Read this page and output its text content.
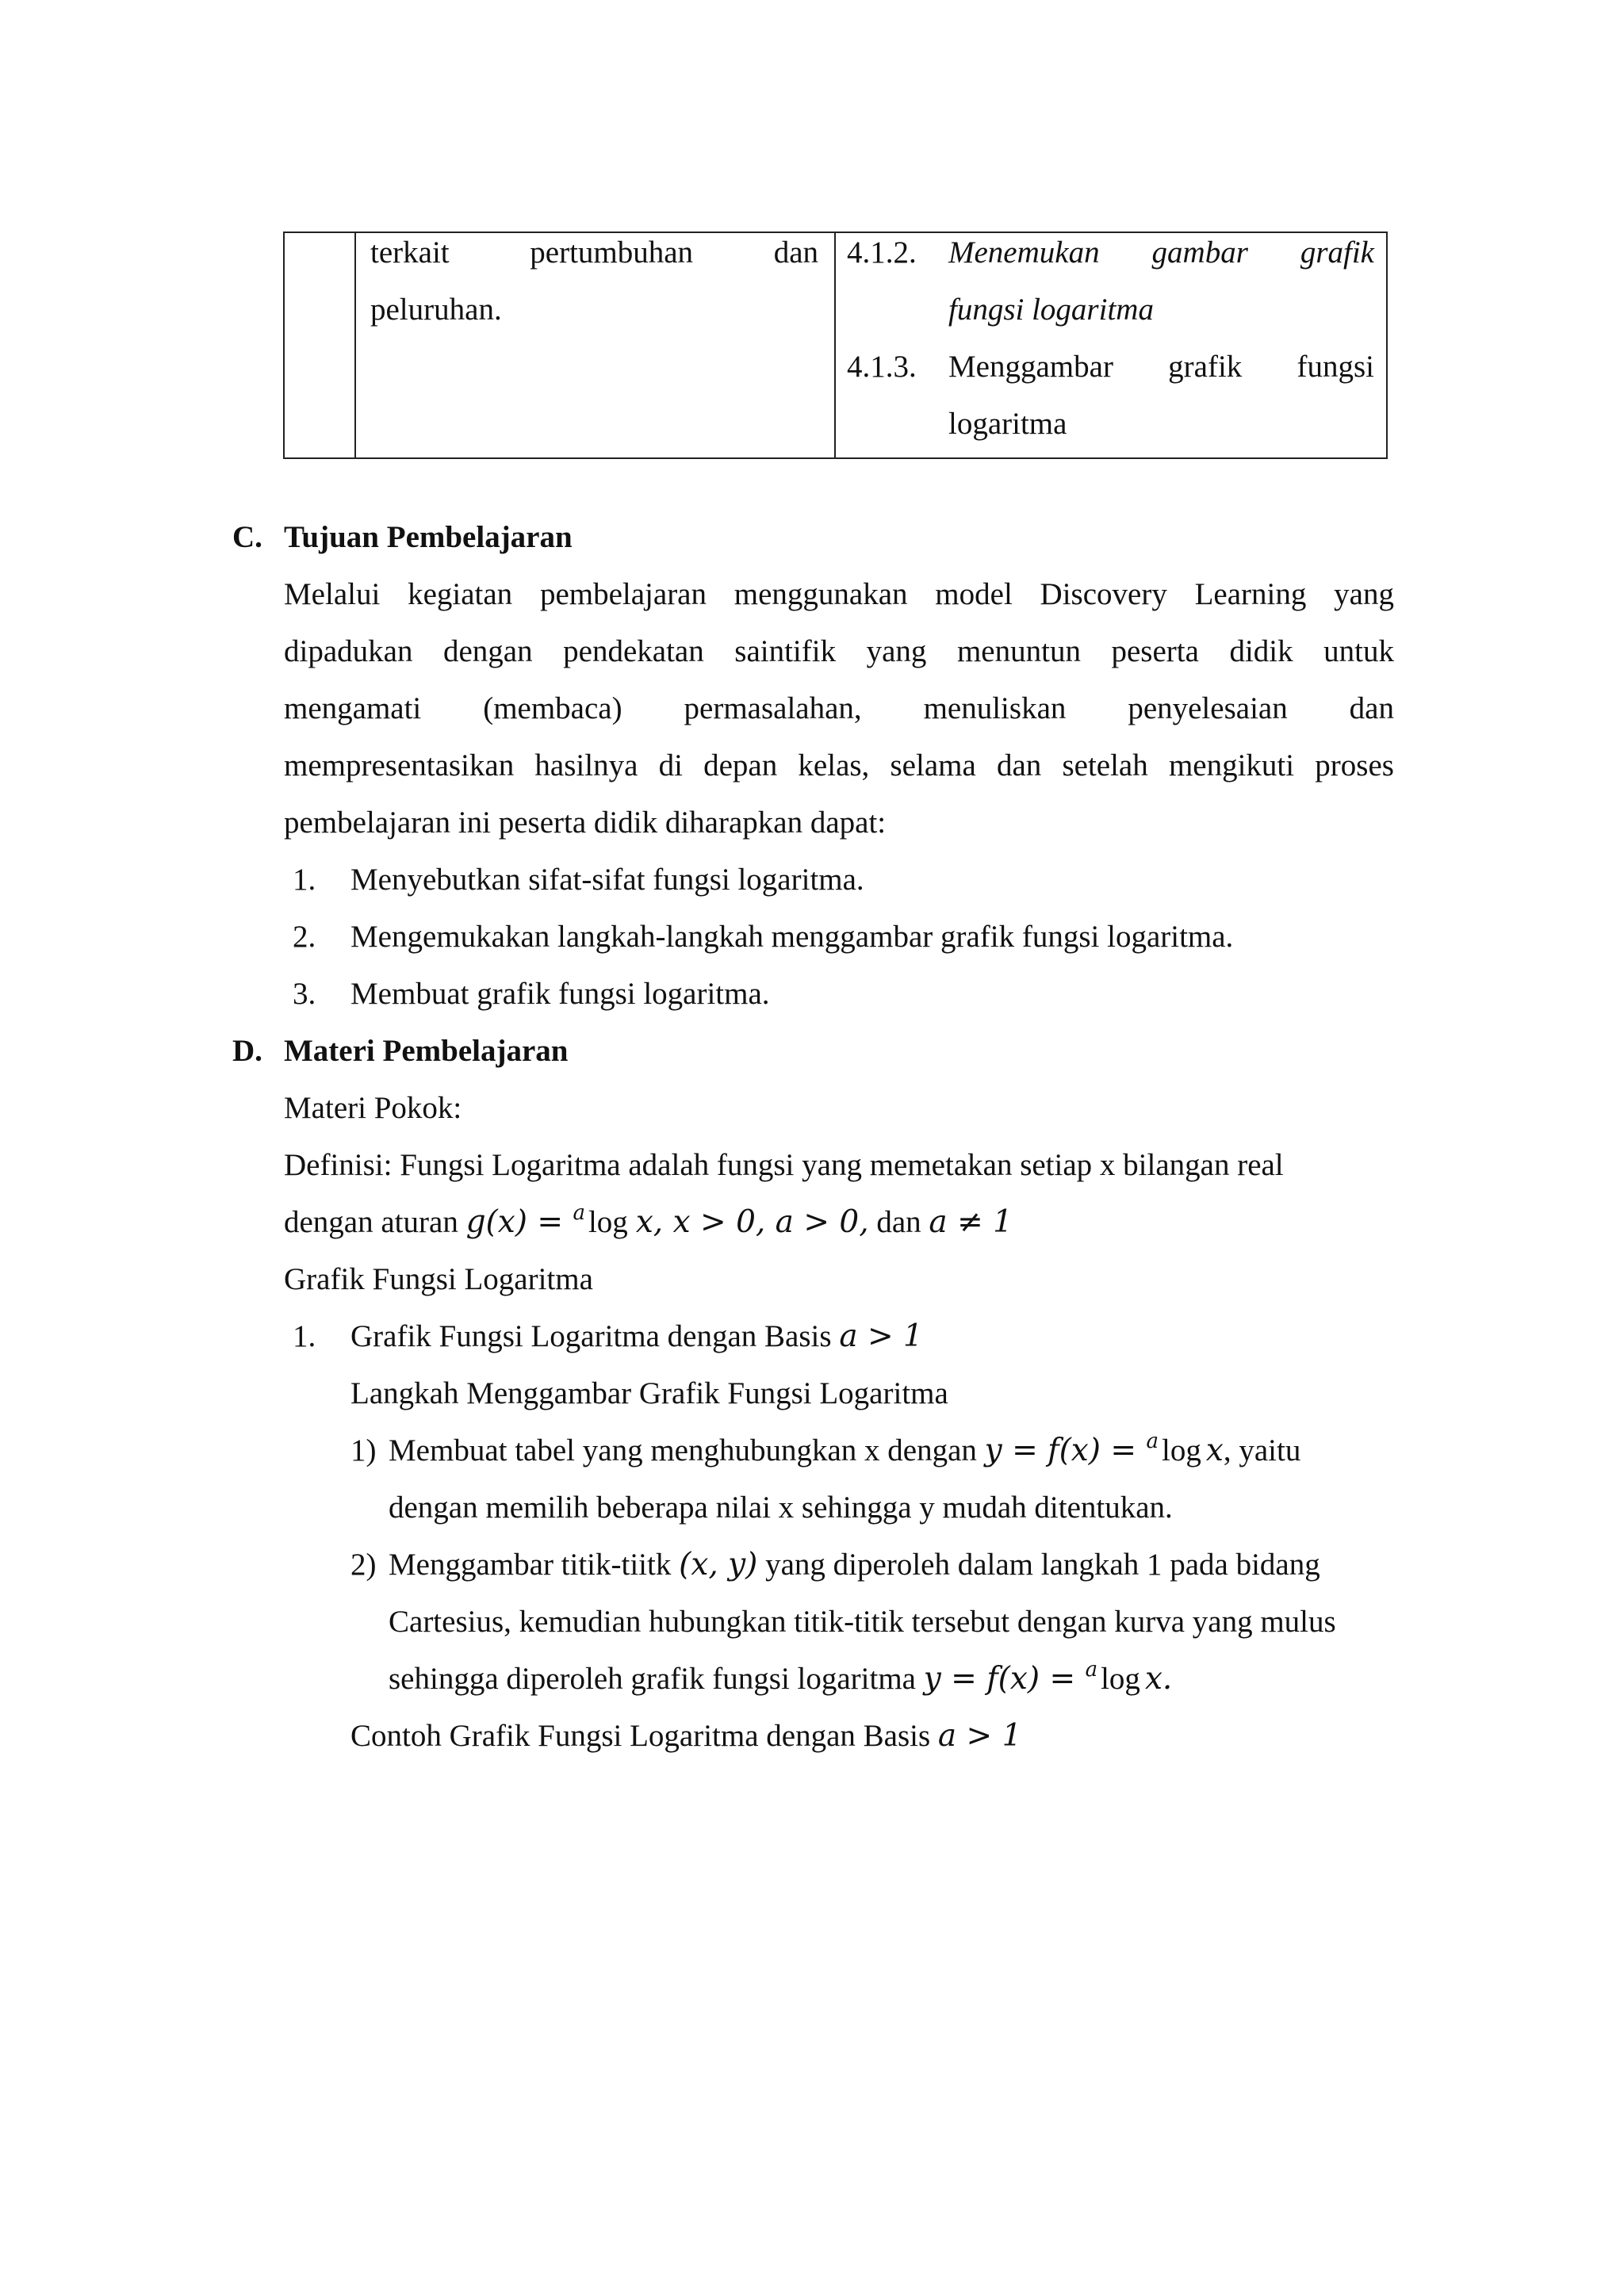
terkait	pertumbuhan	dan
peluruhan.
4.1.2. Menemukan gambar grafik
fungsi logaritma
4.1.3. Menggambar grafik fungsi
logaritma
C. Tujuan Pembelajaran
Melalui kegiatan pembelajaran menggunakan model Discovery Learning yang
dipadukan dengan pendekatan saintifik yang menuntun peserta didik untuk
mengamati (membaca) permasalahan, menuliskan penyelesaian dan
mempresentasikan hasilnya di depan kelas, selama dan setelah mengikuti proses
pembelajaran ini peserta didik diharapkan dapat:
1. Menyebutkan sifat-sifat fungsi logaritma.
2. Mengemukakan langkah-langkah menggambar grafik fungsi logaritma.
3. Membuat grafik fungsi logaritma.
D. Materi Pembelajaran
Materi Pokok:
Definisi: Fungsi Logaritma adalah fungsi yang memetakan setiap x bilangan real
dengan aturan g(x) = $^a$ log x, x > 0, a > 0, dan a ≠ 1
Grafik Fungsi Logaritma
1. Grafik Fungsi Logaritma dengan Basis a > 1
Langkah Menggambar Grafik Fungsi Logaritma
1) Membuat tabel yang menghubungkan x dengan y = f(x) = $^a$ log x, yaitu
dengan memilih beberapa nilai x sehingga y mudah ditentukan.
2) Menggambar titik-tiitk (x, y) yang diperoleh dalam langkah 1 pada bidang
Cartesius, kemudian hubungkan titik-titik tersebut dengan kurva yang mulus
sehingga diperoleh grafik fungsi logaritma y = f(x) = $^a$ log x.
Contoh Grafik Fungsi Logaritma dengan Basis a > 1
